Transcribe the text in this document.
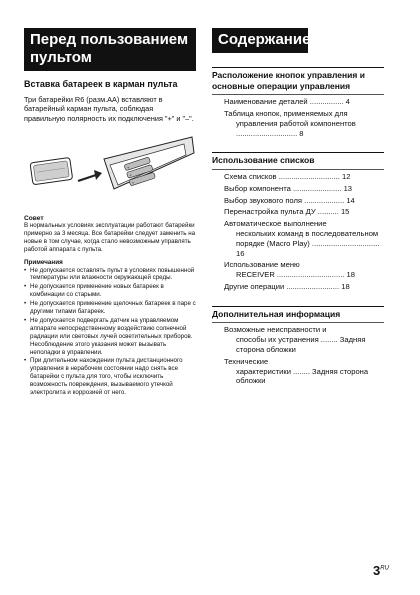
Перед пользованием пультом
Вставка батареек в карман пульта
Три батарейки R6 (разм.АА) вставляют в батарейный карман пульта, соблюдая правильную полярность их подключения "+" и "–".
+
+
+
Совет
В нормальных условиях эксплуатации работают батарейки примерно за 3 месяца. Все батарейки следует заменить на новые в том случае, когда стало невозможным управлять работой аппарата с пульта.
Примечания
• Не допускается оставлять пульт в условиях повышенной температуры или влажности окружающей среды.
• Не допускается применение новых батареек в комбинации со старыми.
• Не допускается применение щелочных батареек в паре с другими типами батареек.
• Не допускается подвергать датчик на управляемом аппарате непосредственному воздействию солнечной радиации или световых лучей осветительных приборов. Несоблюдение этого указания может вызывать неполадки в управлении.
• При длительном нахождении пульта дистанционного управления в нерабочем состоянии надо снять все батарейки с пульта для того, чтобы исключить возможность повреждения, вызываемого утечкой электролита и коррозией от него.
Содержание
Расположение кнопок управления и основные операции управления
Наименование деталей ................ 4
Таблица кнопок, применяемых для
управления работой компонентов ............................. 8
Использование списков
Схема списков ............................. 12
Выбор компонента ....................... 13
Выбор звукового поля ................... 14
Перенастройка пульта ДУ .......... 15
Автоматическое выполнение
нескольких команд в последовательном порядке (Macro Play) ................................ 16
Использование меню
RECEIVER ................................ 18
Другие операции ......................... 18
Дополнительная информация
Возможные неисправности и
способы их устранения ........ Задняя сторона обложки
Технические
характеристики ........ Задняя сторона обложки
$3^{RU}$
